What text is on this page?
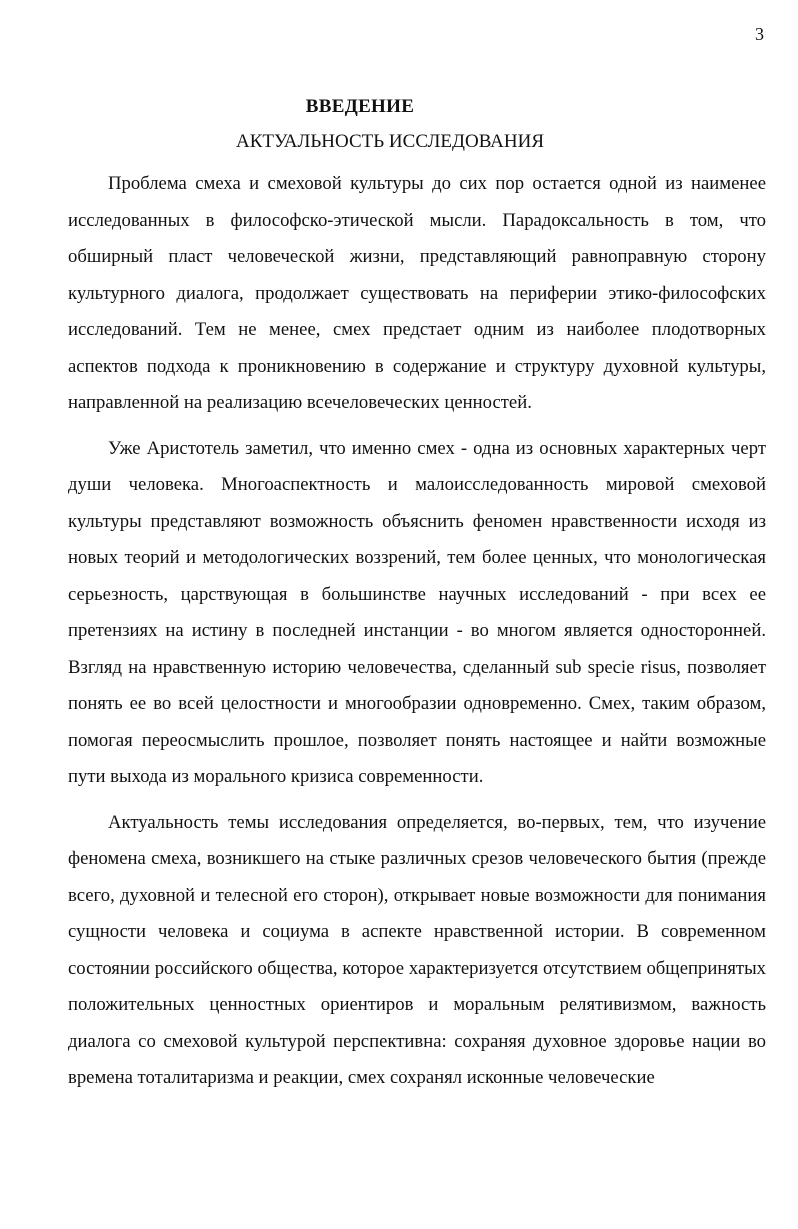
3
ВВЕДЕНИЕ
АКТУАЛЬНОСТЬ ИССЛЕДОВАНИЯ

Проблема смеха и смеховой культуры до сих пор остается одной из наименее исследованных в философско-этической мысли. Парадоксальность в том, что обширный пласт человеческой жизни, представляющий равноправную сторону культурного диалога, продолжает существовать на периферии этико-философских исследований. Тем не менее, смех предстает одним из наиболее плодотворных аспектов подхода к проникновению в содержание и структуру духовной культуры, направленной на реализацию всечеловеческих ценностей.

Уже Аристотель заметил, что именно смех - одна из основных характерных черт души человека. Многоаспектность и малоисследованность мировой смеховой культуры представляют возможность объяснить феномен нравственности исходя из новых теорий и методологических воззрений, тем более ценных, что монологическая серьезность, царствующая в большинстве научных исследований - при всех ее претензиях на истину в последней инстанции - во многом является односторонней. Взгляд на нравственную историю человечества, сделанный sub specie risus, позволяет понять ее во всей целостности и многообразии одновременно. Смех, таким образом, помогая переосмыслить прошлое, позволяет понять настоящее и найти возможные пути выхода из морального кризиса современности.

Актуальность темы исследования определяется, во-первых, тем, что изучение феномена смеха, возникшего на стыке различных срезов человеческого бытия (прежде всего, духовной и телесной его сторон), открывает новые возможности для понимания сущности человека и социума в аспекте нравственной истории. В современном состоянии российского общества, которое характеризуется отсутствием общепринятых положительных ценностных ориентиров и моральным релятивизмом, важность диалога со смеховой культурой перспективна: сохраняя духовное здоровье нации во времена тоталитаризма и реакции, смех сохранял исконные человеческие
